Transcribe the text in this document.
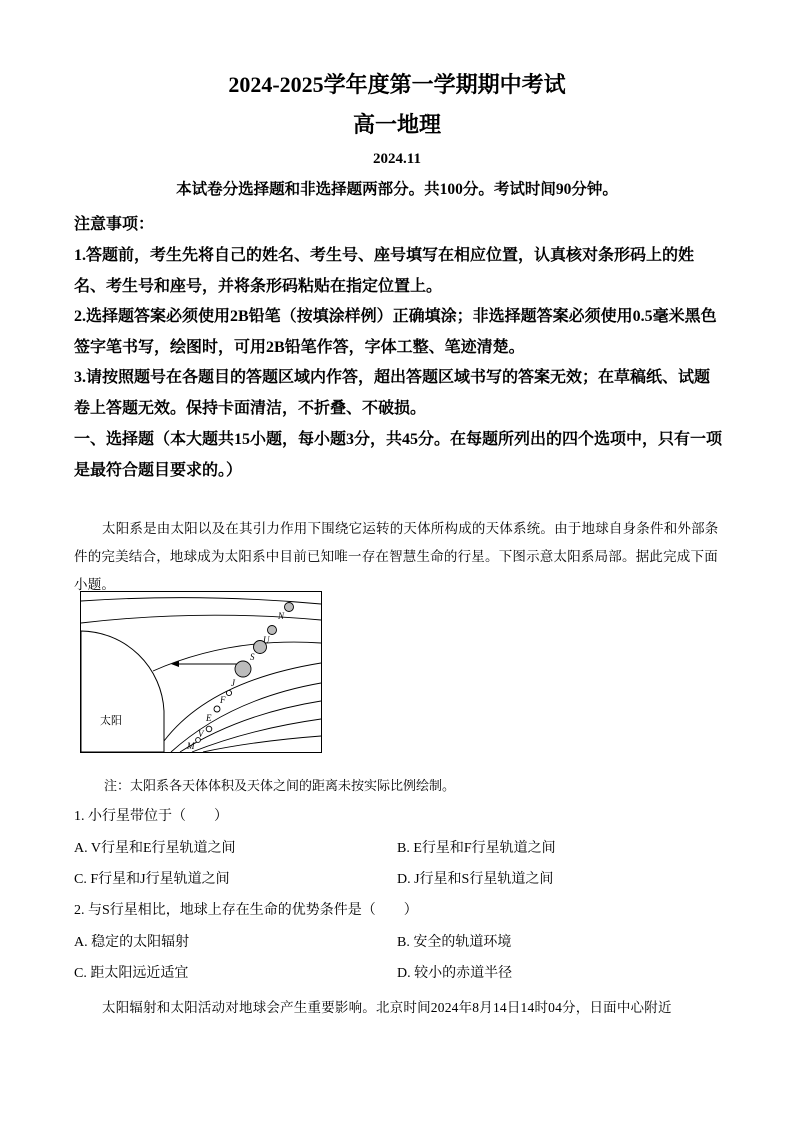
2024-2025学年度第一学期期中考试
高一地理
2024.11
本试卷分选择题和非选择题两部分。共100分。考试时间90分钟。
注意事项：
1.答题前，考生先将自己的姓名、考生号、座号填写在相应位置，认真核对条形码上的姓名、考生号和座号，并将条形码粘贴在指定位置上。
2.选择题答案必须使用2B铅笔（按填涂样例）正确填涂；非选择题答案必须使用0.5毫米黑色签字笔书写，绘图时，可用2B铅笔作答，字体工整、笔迹清楚。
3.请按照题号在各题目的答题区域内作答，超出答题区域书写的答案无效；在草稿纸、试题卷上答题无效。保持卡面清洁，不折叠、不破损。
一、选择题（本大题共15小题，每小题3分，共45分。在每题所列出的四个选项中，只有一项是最符合题目要求的。）
太阳系是由太阳以及在其引力作用下围绕它运转的天体所构成的天体系统。由于地球自身条件和外部条件的完美结合，地球成为太阳系中目前已知唯一存在智慧生命的行星。下图示意太阳系局部。据此完成下面小题。
M
V
E
F
J
S
U
N
太阳
注：太阳系各天体体积及天体之间的距离未按实际比例绘制。
1. 小行星带位于（　　）
A. V行星和E行星轨道之间	B. E行星和F行星轨道之间
C. F行星和J行星轨道之间	D. J行星和S行星轨道之间
2. 与S行星相比，地球上存在生命的优势条件是（　　）
A. 稳定的太阳辐射	B. 安全的轨道环境
C. 距太阳远近适宜	D. 较小的赤道半径
太阳辐射和太阳活动对地球会产生重要影响。北京时间2024年8月14日14时04分，日面中心附近
